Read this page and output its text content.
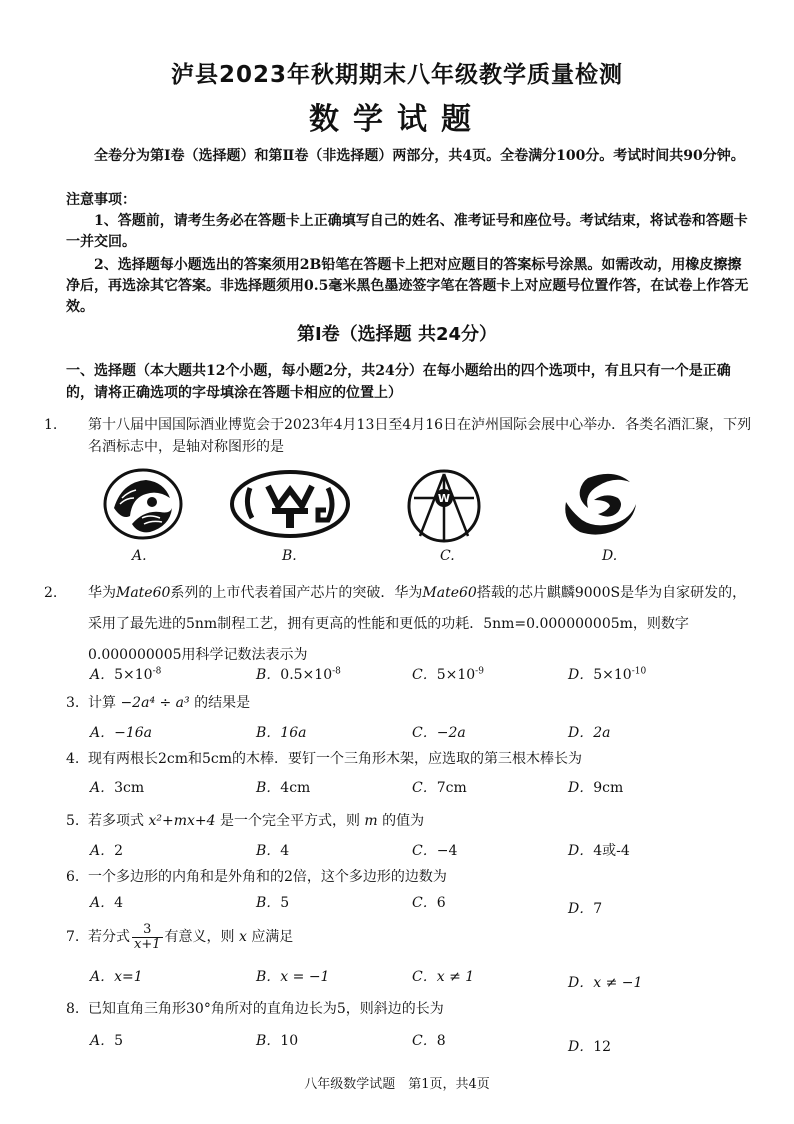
泸县2023年秋期期末八年级教学质量检测
数学试题
全卷分为第Ⅰ卷（选择题）和第Ⅱ卷（非选择题）两部分，共4页。全卷满分100分。考试时间共90分钟。
注意事项：
1、答题前，请考生务必在答题卡上正确填写自己的姓名、准考证号和座位号。考试结束，将试卷和答题卡一并交回。
2、选择题每小题选出的答案须用2B铅笔在答题卡上把对应题目的答案标号涂黑。如需改动，用橡皮擦擦净后，再选涂其它答案。非选择题须用0.5毫米黑色墨迹签字笔在答题卡上对应题号位置作答，在试卷上作答无效。
第Ⅰ卷（选择题 共24分）
一、选择题（本大题共12个小题，每小题2分，共24分）在每小题给出的四个选项中，有且只有一个是正确的，请将正确选项的字母填涂在答题卡相应的位置上）
1. 第十八届中国国际酒业博览会于2023年4月13日至4月16日在泸州国际会展中心举办．各类名酒汇聚，下列名酒标志中，是轴对称图形的是
A.	B.
W
C.	D.
2. 华为Mate60系列的上市代表着国产芯片的突破．华为Mate60搭载的芯片麒麟9000S是华为自家研发的，采用了最先进的5nm制程工艺，拥有更高的性能和更低的功耗．5nm=0.000000005m，则数字0.000000005用科学记数法表示为
A．$5\times 10^{-8}$	B．$0.5\times 10^{-8}$	C．$5\times 10^{-9}$	D．$5\times 10^{-10}$
3. 计算 −2a⁴ ÷ a³ 的结果是
A．−16a	B．16a	C．−2a	D．2a
4. 现有两根长2cm和5cm的木棒．要钉一个三角形木架，应选取的第三根木棒长为
A．3cm	B．4cm	C．7cm	D．9cm
5. 若多项式 x²+mx+4 是一个完全平方式，则 m 的值为
A．2	B．4	C．−4	D．4或-4
6. 一个多边形的内角和是外角和的2倍，这个多边形的边数为
A．4	B．5	C．6	D．7
7. 若分式 $\frac{3}{x+1}$ 有意义，则 x 应满足
A．x=1	B．x = −1	C．x ≠ 1	D．x ≠ −1
8. 已知直角三角形30°角所对的直角边长为5，则斜边的长为
A．5	B．10	C．8	D．12
八年级数学试题　第1页，共4页
